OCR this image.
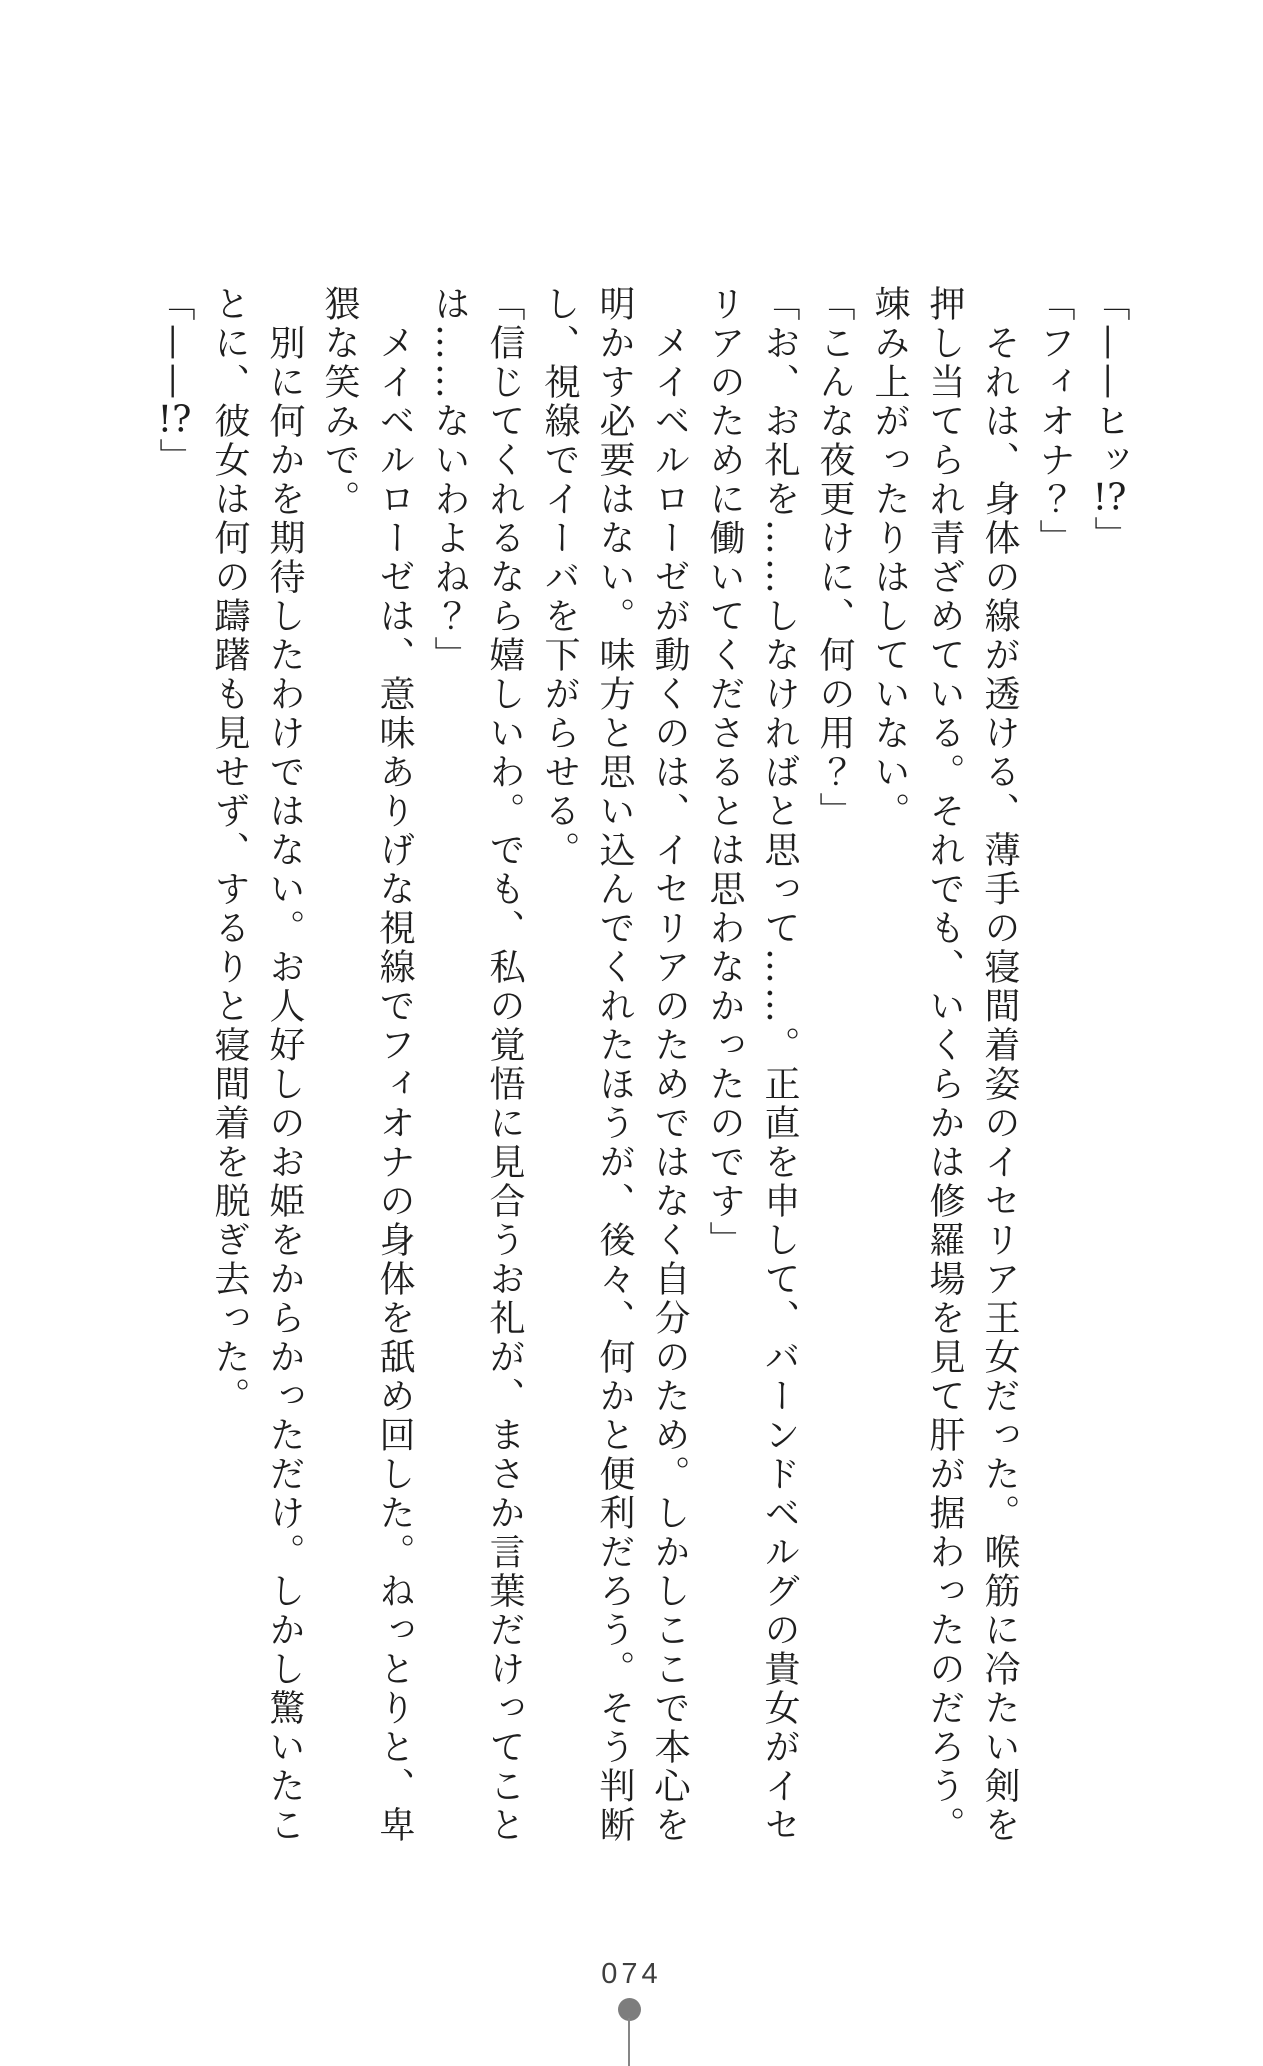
「——ヒッ!?」
「フィオナ？」
　それは、身体の線が透ける、薄手の寝間着姿のイセリア王女だった。喉筋に冷たい剣を
押し当てられ青ざめている。それでも、いくらかは修羅場を見て肝が据わったのだろう。
竦み上がったりはしていない。
「こんな夜更けに、何の用？」
「お、お礼を……しなければと思って……。正直を申して、バーンドベルグの貴女がイセ
リアのために働いてくださるとは思わなかったのです」
　メイベルローゼが動くのは、イセリアのためではなく自分のため。しかしここで本心を
明かす必要はない。味方と思い込んでくれたほうが、後々、何かと便利だろう。そう判断
し、視線でイーバを下がらせる。
「信じてくれるなら嬉しいわ。でも、私の覚悟に見合うお礼が、まさか言葉だけってこと
は……ないわよね？」
　メイベルローゼは、意味ありげな視線でフィオナの身体を舐め回した。ねっとりと、卑
猥な笑みで。
　別に何かを期待したわけではない。お人好しのお姫をからかっただけ。しかし驚いたこ
とに、彼女は何の躊躇も見せず、するりと寝間着を脱ぎ去った。
「——!?」
074
